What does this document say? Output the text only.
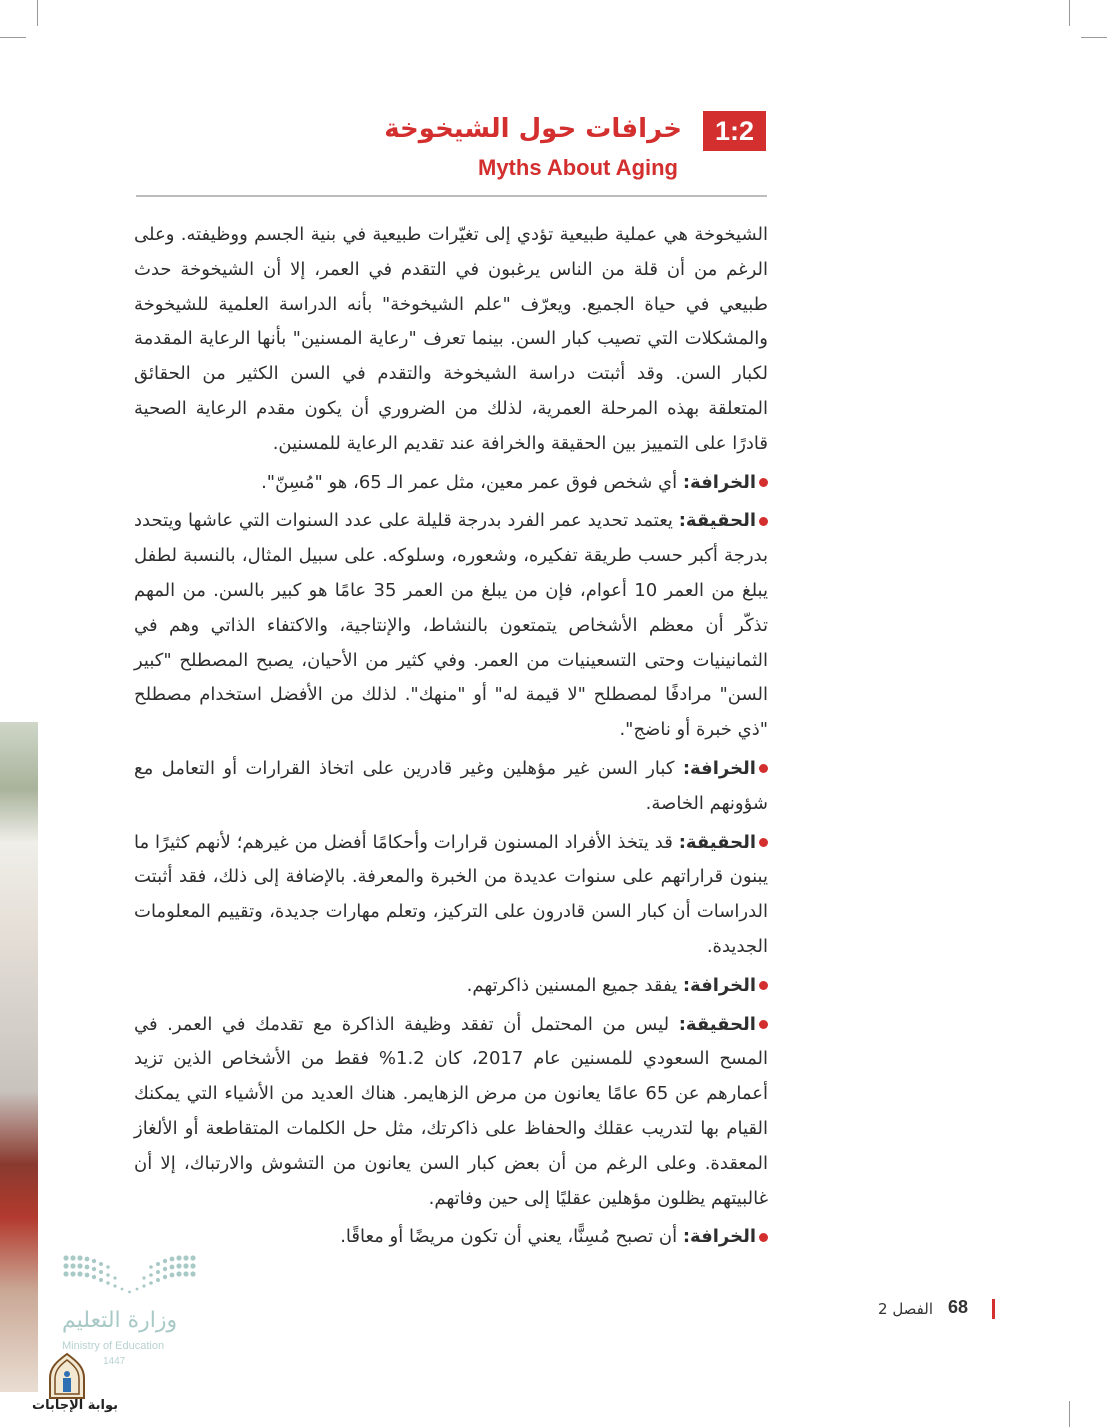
1:2
خرافات حول الشيخوخة
Myths About Aging

الشيخوخة هي عملية طبيعية تؤدي إلى تغيّرات طبيعية في بنية الجسم ووظيفته. وعلى الرغم من أن قلة من الناس يرغبون في التقدم في العمر، إلا أن الشيخوخة حدث طبيعي في حياة الجميع. ويعرّف "علم الشيخوخة" بأنه الدراسة العلمية للشيخوخة والمشكلات التي تصيب كبار السن. بينما تعرف "رعاية المسنين" بأنها الرعاية المقدمة لكبار السن. وقد أثبتت دراسة الشيخوخة والتقدم في السن الكثير من الحقائق المتعلقة بهذه المرحلة العمرية، لذلك من الضروري أن يكون مقدم الرعاية الصحية قادرًا على التمييز بين الحقيقة والخرافة عند تقديم الرعاية للمسنين.

الخرافة: أي شخص فوق عمر معين، مثل عمر الـ 65، هو "مُسِنّ".
الحقيقة: يعتمد تحديد عمر الفرد بدرجة قليلة على عدد السنوات التي عاشها ويتحدد بدرجة أكبر حسب طريقة تفكيره، وشعوره، وسلوكه. على سبيل المثال، بالنسبة لطفل يبلغ من العمر 10 أعوام، فإن من يبلغ من العمر 35 عامًا هو كبير بالسن. من المهم تذكّر أن معظم الأشخاص يتمتعون بالنشاط، والإنتاجية، والاكتفاء الذاتي وهم في الثمانينيات وحتى التسعينيات من العمر. وفي كثير من الأحيان، يصبح المصطلح "كبير السن" مرادفًا لمصطلح "لا قيمة له" أو "منهك". لذلك من الأفضل استخدام مصطلح "ذي خبرة أو ناضج".
الخرافة: كبار السن غير مؤهلين وغير قادرين على اتخاذ القرارات أو التعامل مع شؤونهم الخاصة.
الحقيقة: قد يتخذ الأفراد المسنون قرارات وأحكامًا أفضل من غيرهم؛ لأنهم كثيرًا ما يبنون قراراتهم على سنوات عديدة من الخبرة والمعرفة. بالإضافة إلى ذلك، فقد أثبتت الدراسات أن كبار السن قادرون على التركيز، وتعلم مهارات جديدة، وتقييم المعلومات الجديدة.
الخرافة: يفقد جميع المسنين ذاكرتهم.
الحقيقة: ليس من المحتمل أن تفقد وظيفة الذاكرة مع تقدمك في العمر. في المسح السعودي للمسنين عام 2017، كان 1.2% فقط من الأشخاص الذين تزيد أعمارهم عن 65 عامًا يعانون من مرض الزهايمر. هناك العديد من الأشياء التي يمكنك القيام بها لتدريب عقلك والحفاظ على ذاكرتك، مثل حل الكلمات المتقاطعة أو الألغاز المعقدة. وعلى الرغم من أن بعض كبار السن يعانون من التشوش والارتباك، إلا أن غالبيتهم يظلون مؤهلين عقليًا إلى حين وفاتهم.
الخرافة: أن تصبح مُسِنًّا، يعني أن تكون مريضًا أو معاقًا.
68
الفصل 2
وزارة التعليم
Ministry of Education
1447
بوابة الإجابات
